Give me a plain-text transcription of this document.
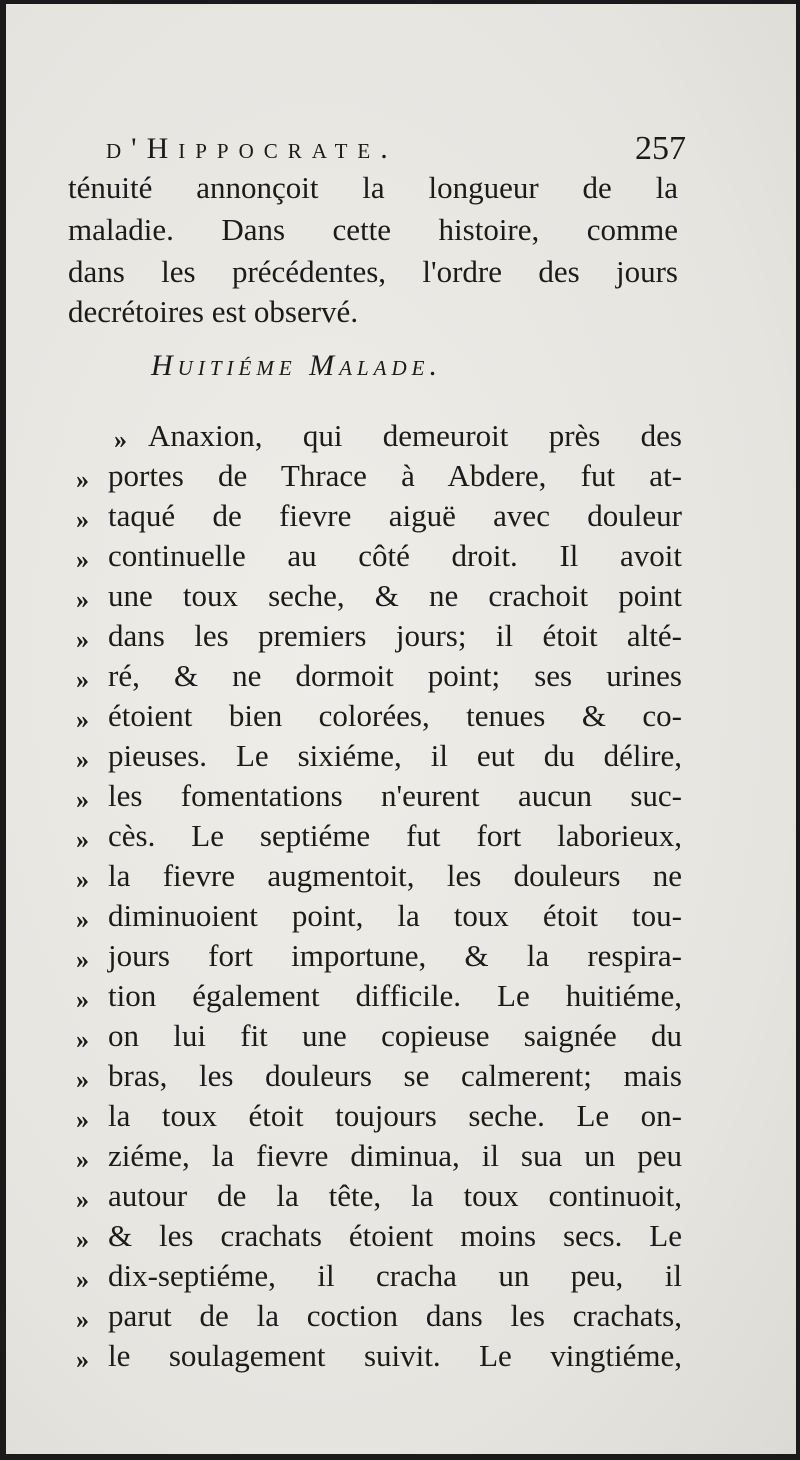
d'Hippocrate.	257
ténuité annonçoit la longueur de la
maladie. Dans cette histoire, comme
dans les précédentes, l'ordre des jours
decrétoires est observé.
Huitiéme Malade.
» Anaxion, qui demeuroit près des
» portes de Thrace à Abdere, fut at-
» taqué de fievre aiguë avec douleur
» continuelle au côté droit. Il avoit
» une toux seche, & ne crachoit point
» dans les premiers jours; il étoit alté-
» ré, & ne dormoit point; ses urines
» étoient bien colorées, tenues & co-
» pieuses. Le sixiéme, il eut du délire,
» les fomentations n'eurent aucun suc-
» cès. Le septiéme fut fort laborieux,
» la fievre augmentoit, les douleurs ne
» diminuoient point, la toux étoit tou-
» jours fort importune, & la respira-
» tion également difficile. Le huitiéme,
» on lui fit une copieuse saignée du
» bras, les douleurs se calmerent; mais
» la toux étoit toujours seche. Le on-
» ziéme, la fievre diminua, il sua un peu
» autour de la tête, la toux continuoit,
» & les crachats étoient moins secs. Le
» dix-septiéme, il cracha un peu, il
» parut de la coction dans les crachats,
» le soulagement suivit. Le vingtiéme,
